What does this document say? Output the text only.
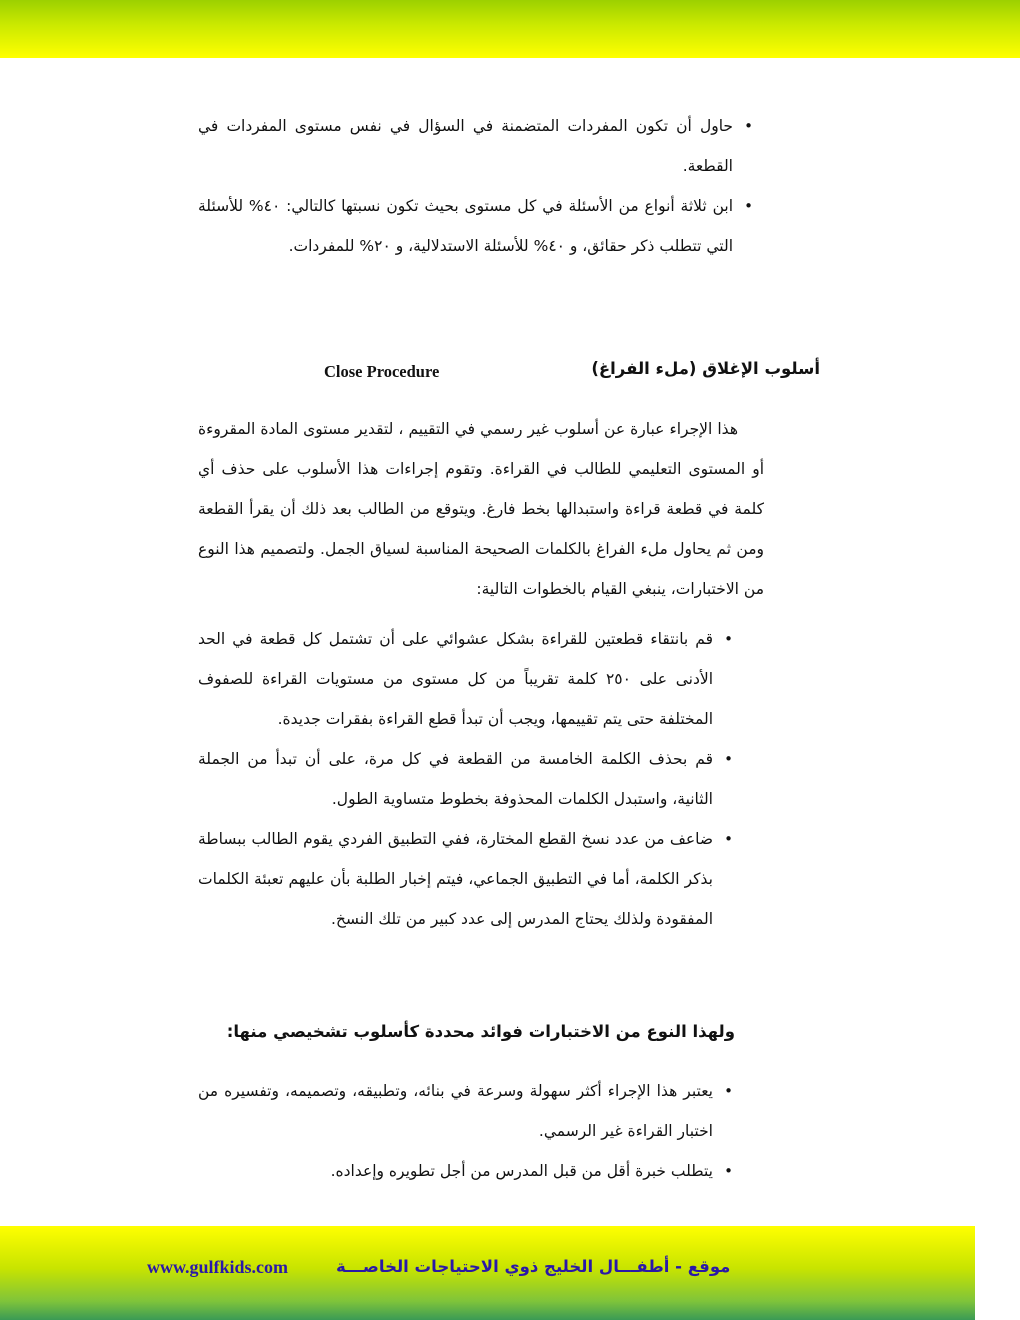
• حاول أن تكون المفردات المتضمنة في السؤال في نفس مستوى المفردات في القطعة.
• ابن ثلاثة أنواع من الأسئلة في كل مستوى بحيث تكون نسبتها كالتالي: ٤٠% للأسئلة التي تتطلب ذكر حقائق، و ٤٠% للأسئلة الاستدلالية، و ٢٠% للمفردات.
أسلوب الإغلاق (ملء الفراغ)
Close Procedure

هذا الإجراء عبارة عن أسلوب غير رسمي في التقييم ، لتقدير مستوى المادة المقروءة أو المستوى التعليمي للطالب في القراءة. وتقوم إجراءات هذا الأسلوب على حذف أي كلمة في قطعة قراءة واستبدالها بخط فارغ. ويتوقع من الطالب بعد ذلك أن يقرأ القطعة ومن ثم يحاول ملء الفراغ بالكلمات الصحيحة المناسبة لسياق الجمل. ولتصميم هذا النوع من الاختبارات، ينبغي القيام بالخطوات التالية:

• قم بانتقاء قطعتين للقراءة بشكل عشوائي على أن تشتمل كل قطعة في الحد الأدنى على ٢٥٠ كلمة تقريباً من كل مستوى من مستويات القراءة للصفوف المختلفة حتى يتم تقييمها، ويجب أن تبدأ قطع القراءة بفقرات جديدة.
• قم بحذف الكلمة الخامسة من القطعة في كل مرة، على أن تبدأ من الجملة الثانية، واستبدل الكلمات المحذوفة بخطوط متساوية الطول.
• ضاعف من عدد نسخ القطع المختارة، ففي التطبيق الفردي يقوم الطالب ببساطة بذكر الكلمة، أما في التطبيق الجماعي، فيتم إخبار الطلبة بأن عليهم تعبئة الكلمات المفقودة ولذلك يحتاج المدرس إلى عدد كبير من تلك النسخ.
ولهذا النوع من الاختبارات فوائد محددة كأسلوب تشخيصي منها:
• يعتبر هذا الإجراء أكثر سهولة وسرعة في بنائه، وتطبيقه، وتصميمه، وتفسيره من اختبار القراءة غير الرسمي.
• يتطلب خبرة أقل من قبل المدرس من أجل تطويره وإعداده.
موقع - أطفـــال الخليج ذوي الاحتياجات الخاصـــة
www.gulfkids.com
